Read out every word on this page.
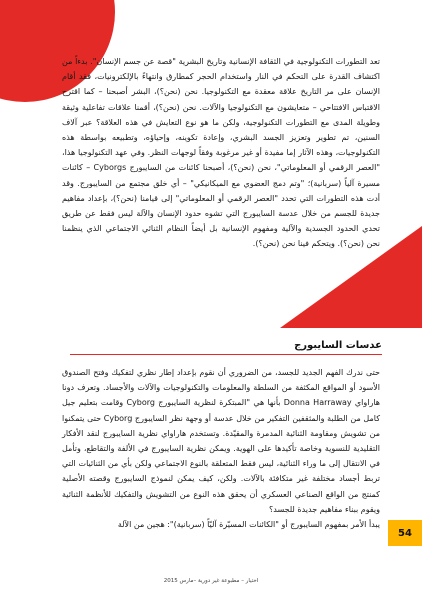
تعد التطورات التكنولوجية في الثقافة الإنسانية وتاريخ البشرية "قصة عن جسم الإنسان". بدءاً من اكتشاف القدرة على التحكم في النار واستخدام الحجر كمطارق وانتهاءً بالإلكترونيات، فقد أقام الإنسان على مر التاريخ علاقة معقدة مع التكنولوجيا. نحن (نحن؟)، البشر أصبحنا – كما اقترح الاقتباس الافتتاحي – متعايشون مع التكنولوجيا والآلات. نحن (نحن؟)، أقمنا علاقات تفاعلية وثيقة وطويلة المدى مع التطورات التكنولوجية، ولكن ما هو نوع التعايش في هذه العلاقة؟ عبر آلاف السنين، تم تطوير وتعزيز الجسد البشري، وإعادة تكوينه، وإحياؤه، وتطبيعه بواسطة هذه التكنولوجيات، وهذه الآثار إما مفيدة أو غير مرغوبة وفقاً لوجهات النظر. وفي عهد التكنولوجيا هذا، "العصر الرقمي أو المعلوماتي"، نحن (نحن؟)، أصبحنا كائنات من السايبورج Cyborgs – كائنات مسيرة آلياً (سربانية)؛ "وتم دمج العضوي مع الميكانيكي" – أي خلق مجتمع من السايبورج. وقد أدت هذه التطورات التي تحدد "العصر الرقمي أو المعلوماتي" إلى قيامنا (نحن؟)، بإعداد مفاهيم جديدة للجسم من خلال عدسة السايبورج التي تشوه حدود الإنسان والآلة ليس فقط عن طريق تحدي الحدود الجسدية والآلية ومفهوم الإنسانية بل أيضاً النظام الثنائي الاجتماعي الذي ينظمنا نحن (نحن؟). ويتحكم فينا نحن (نحن؟).

عدسات السايبورج

حتى ندرك الفهم الجديد للجسد، من الضروري أن نقوم بإعداد إطار نظري لتفكيك وفتح الصندوق الأسود أو المواقع المكثفة من السلطة والمعلومات والتكنولوجيات والآلات والأجساد. وتعرف دونا هاراواي Donna Harraway بأنها هي "المبتكرة لنظرية السايبورج Cyborg وقامت بتعليم جيل كامل من الطلبة والمثقفين التفكير من خلال عدسة أو وجهة نظر السايبورج Cyborg حتى يتمكنوا من تشويش ومقاومة الثنائية المدمرة والمقيّدة. وتستخدم هاراواي نظرية السايبورج لنقد الأفكار التقليدية للنسوية وخاصة تأكيدها على الهوية. ويمكن نظرية السايبورج في الألفة والتقاطع، وتأمل في الانتقال إلى ما وراء الثنائية، ليس فقط المتعلقة بالنوع الاجتماعي ولكن بأي من الثنائيات التي تربط أجساد مختلفة غير متكافئة بالآلات. ولكن، كيف يمكن لنموذج السايبورج وقصته الأصلية كمنتج من الواقع الصناعي العسكري أن يحقق هذه النوع من التشويش والتفكيك للأنظمة الثنائية ويقوم ببناء مفاهيم جديدة للجسد؟

يبدأ الأمر بمفهوم السايبورج أو "الكائنات المسيّرة آليّاً (سربانية)": هجين من الآلة

54
اختيار – مطبوعة غير دورية –مارس 2015
